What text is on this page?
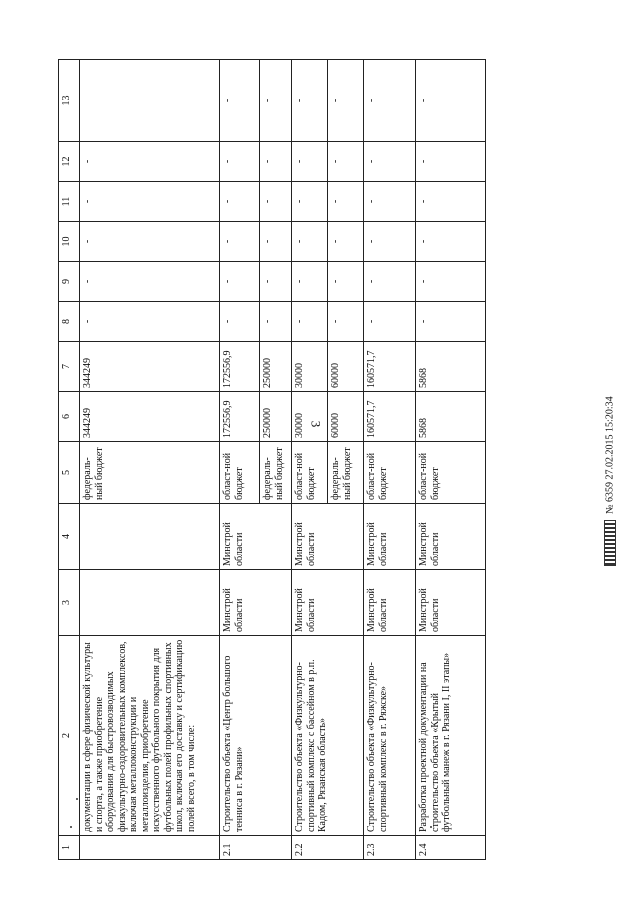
3
1	2	3	4	5	6	7	8	9	10	11	12	13
	документации в сфере физической культуры и спорта, а также приобретение оборудования для быстровозводимых физкультурно-оздоровительных комплексов, включая металлоконструкции и металлоизделия, приобретение искусственного футбольного покрытия для футбольных полей профильных спортивных школ, включая его доставку и сертификацию полей всего, в том числе:			федераль-ный бюджет	344249	344249	-	-	-	-	-	
2.1	Строительство объекта «Центр большого тенниса в г. Рязани»	Минстрой области	Минстрой области	област-ной бюджет	172556,9	172556,9	-	-	-	-	-	-
				федераль-ный бюджет	250000	250000	-	-	-	-	-	-
2.2	Строительство объекта «Физкультурно-спортивный комплекс с бассейном в р.п. Кадом, Рязанская область»	Минстрой области	Минстрой области	област-ной бюджет	30000	30000	-	-	-	-	-	-
				федераль-ный бюджет	60000	60000	-	-	-	-	-	-
2.3	Строительство объекта «Физкультурно-спортивный комплекс в г. Ряжске»	Минстрой области	Минстрой области	област-ной бюджет	160571,7	160571,7	-	-	-	-	-	-
2.4	Разработка проектной документации на строительство объекта «Крытый футбольный манеж в г. Рязани I, II этапы»	Минстрой области	Минстрой области	област-ной бюджет	5868	5868	-	-	-	-	-	-
№ 6359 27.02.2015 15:20:34
